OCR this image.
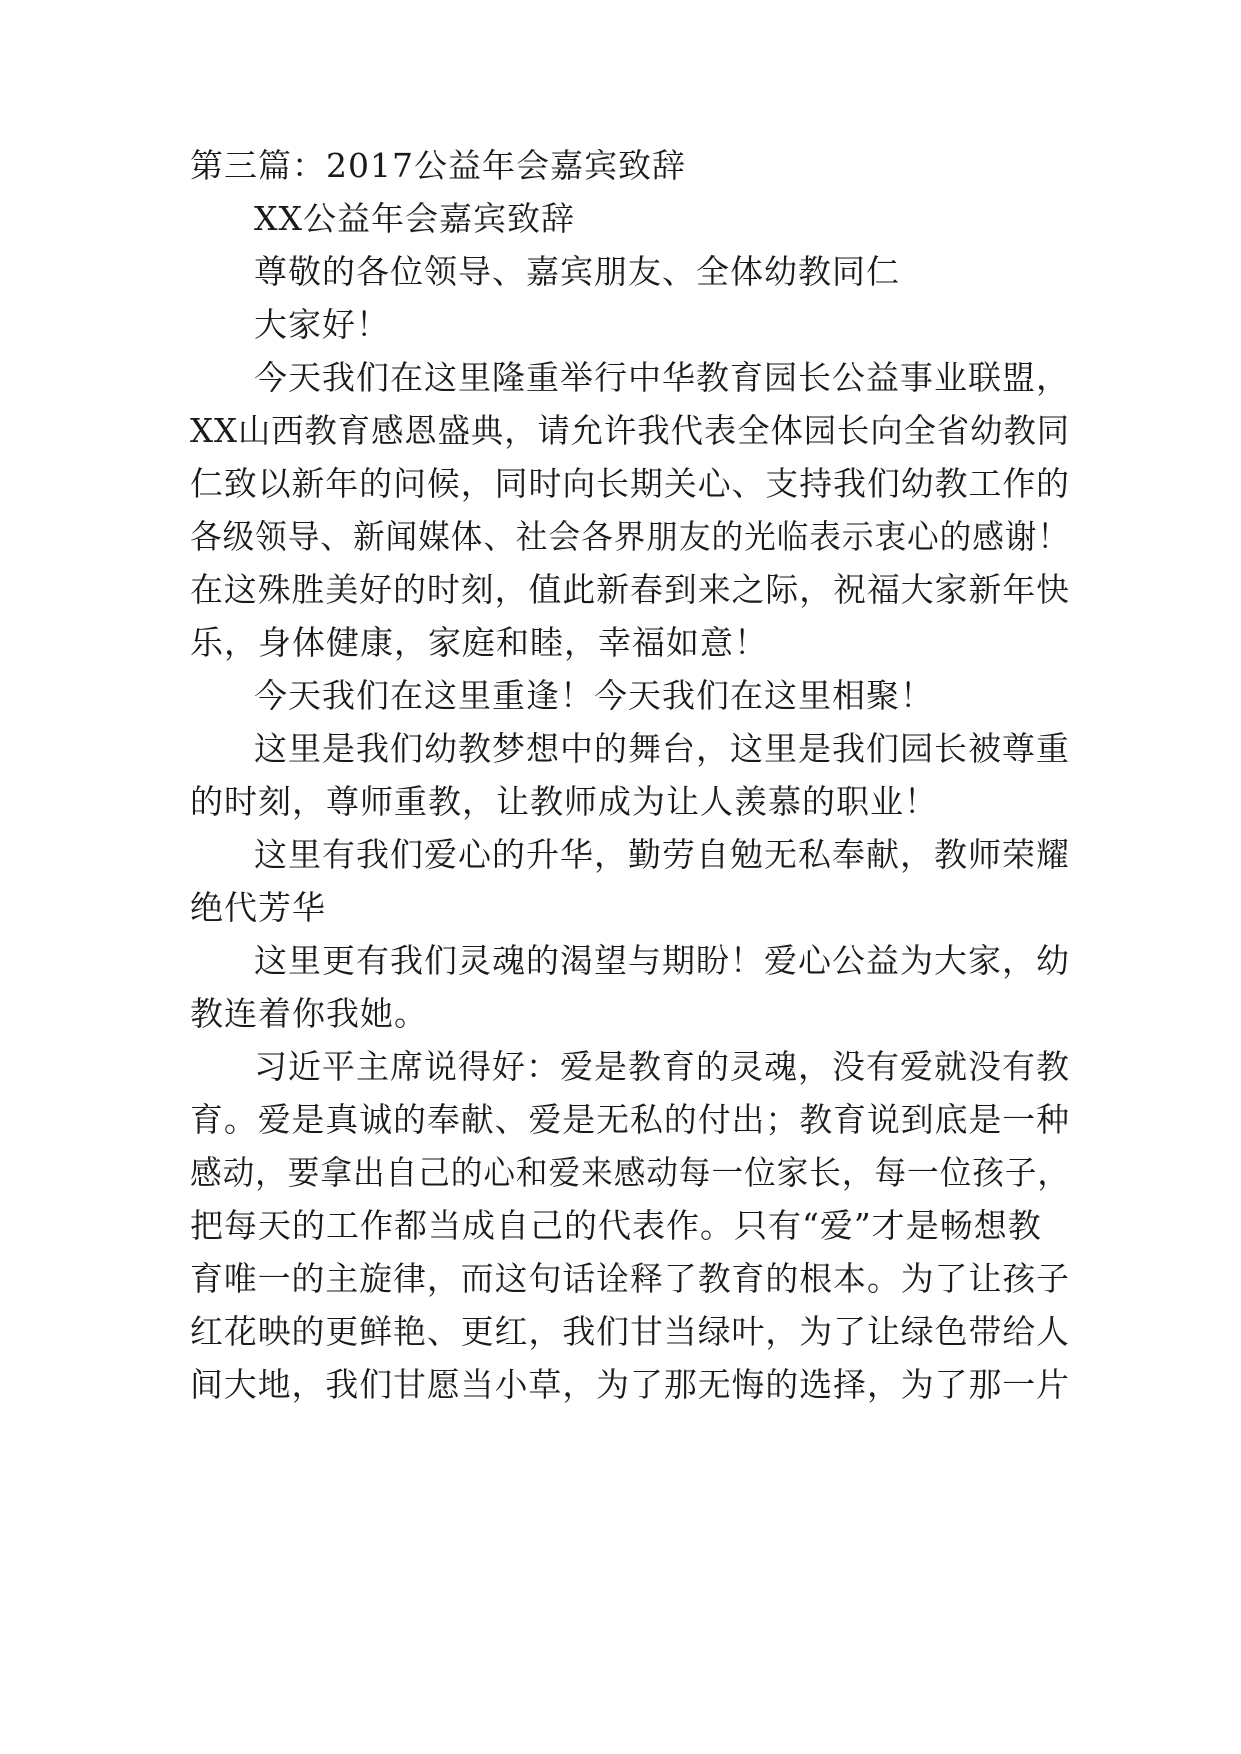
第三篇：2017公益年会嘉宾致辞
XX公益年会嘉宾致辞
尊敬的各位领导、嘉宾朋友、全体幼教同仁
大家好！
今天我们在这里隆重举行中华教育园长公益事业联盟，
XX山西教育感恩盛典，请允许我代表全体园长向全省幼教同
仁致以新年的问候，同时向长期关心、支持我们幼教工作的
各级领导、新闻媒体、社会各界朋友的光临表示衷心的感谢！
在这殊胜美好的时刻，值此新春到来之际，祝福大家新年快
乐，身体健康，家庭和睦，幸福如意！
今天我们在这里重逢！今天我们在这里相聚！
这里是我们幼教梦想中的舞台，这里是我们园长被尊重
的时刻，尊师重教，让教师成为让人羡慕的职业！
这里有我们爱心的升华，勤劳自勉无私奉献，教师荣耀
绝代芳华
这里更有我们灵魂的渴望与期盼！爱心公益为大家，幼
教连着你我她。
习近平主席说得好：爱是教育的灵魂，没有爱就没有教
育。爱是真诚的奉献、爱是无私的付出；教育说到底是一种
感动，要拿出自己的心和爱来感动每一位家长，每一位孩子，
把每天的工作都当成自己的代表作。只有“爱”才是畅想教
育唯一的主旋律，而这句话诠释了教育的根本。为了让孩子
红花映的更鲜艳、更红，我们甘当绿叶，为了让绿色带给人
间大地，我们甘愿当小草，为了那无悔的选择，为了那一片
